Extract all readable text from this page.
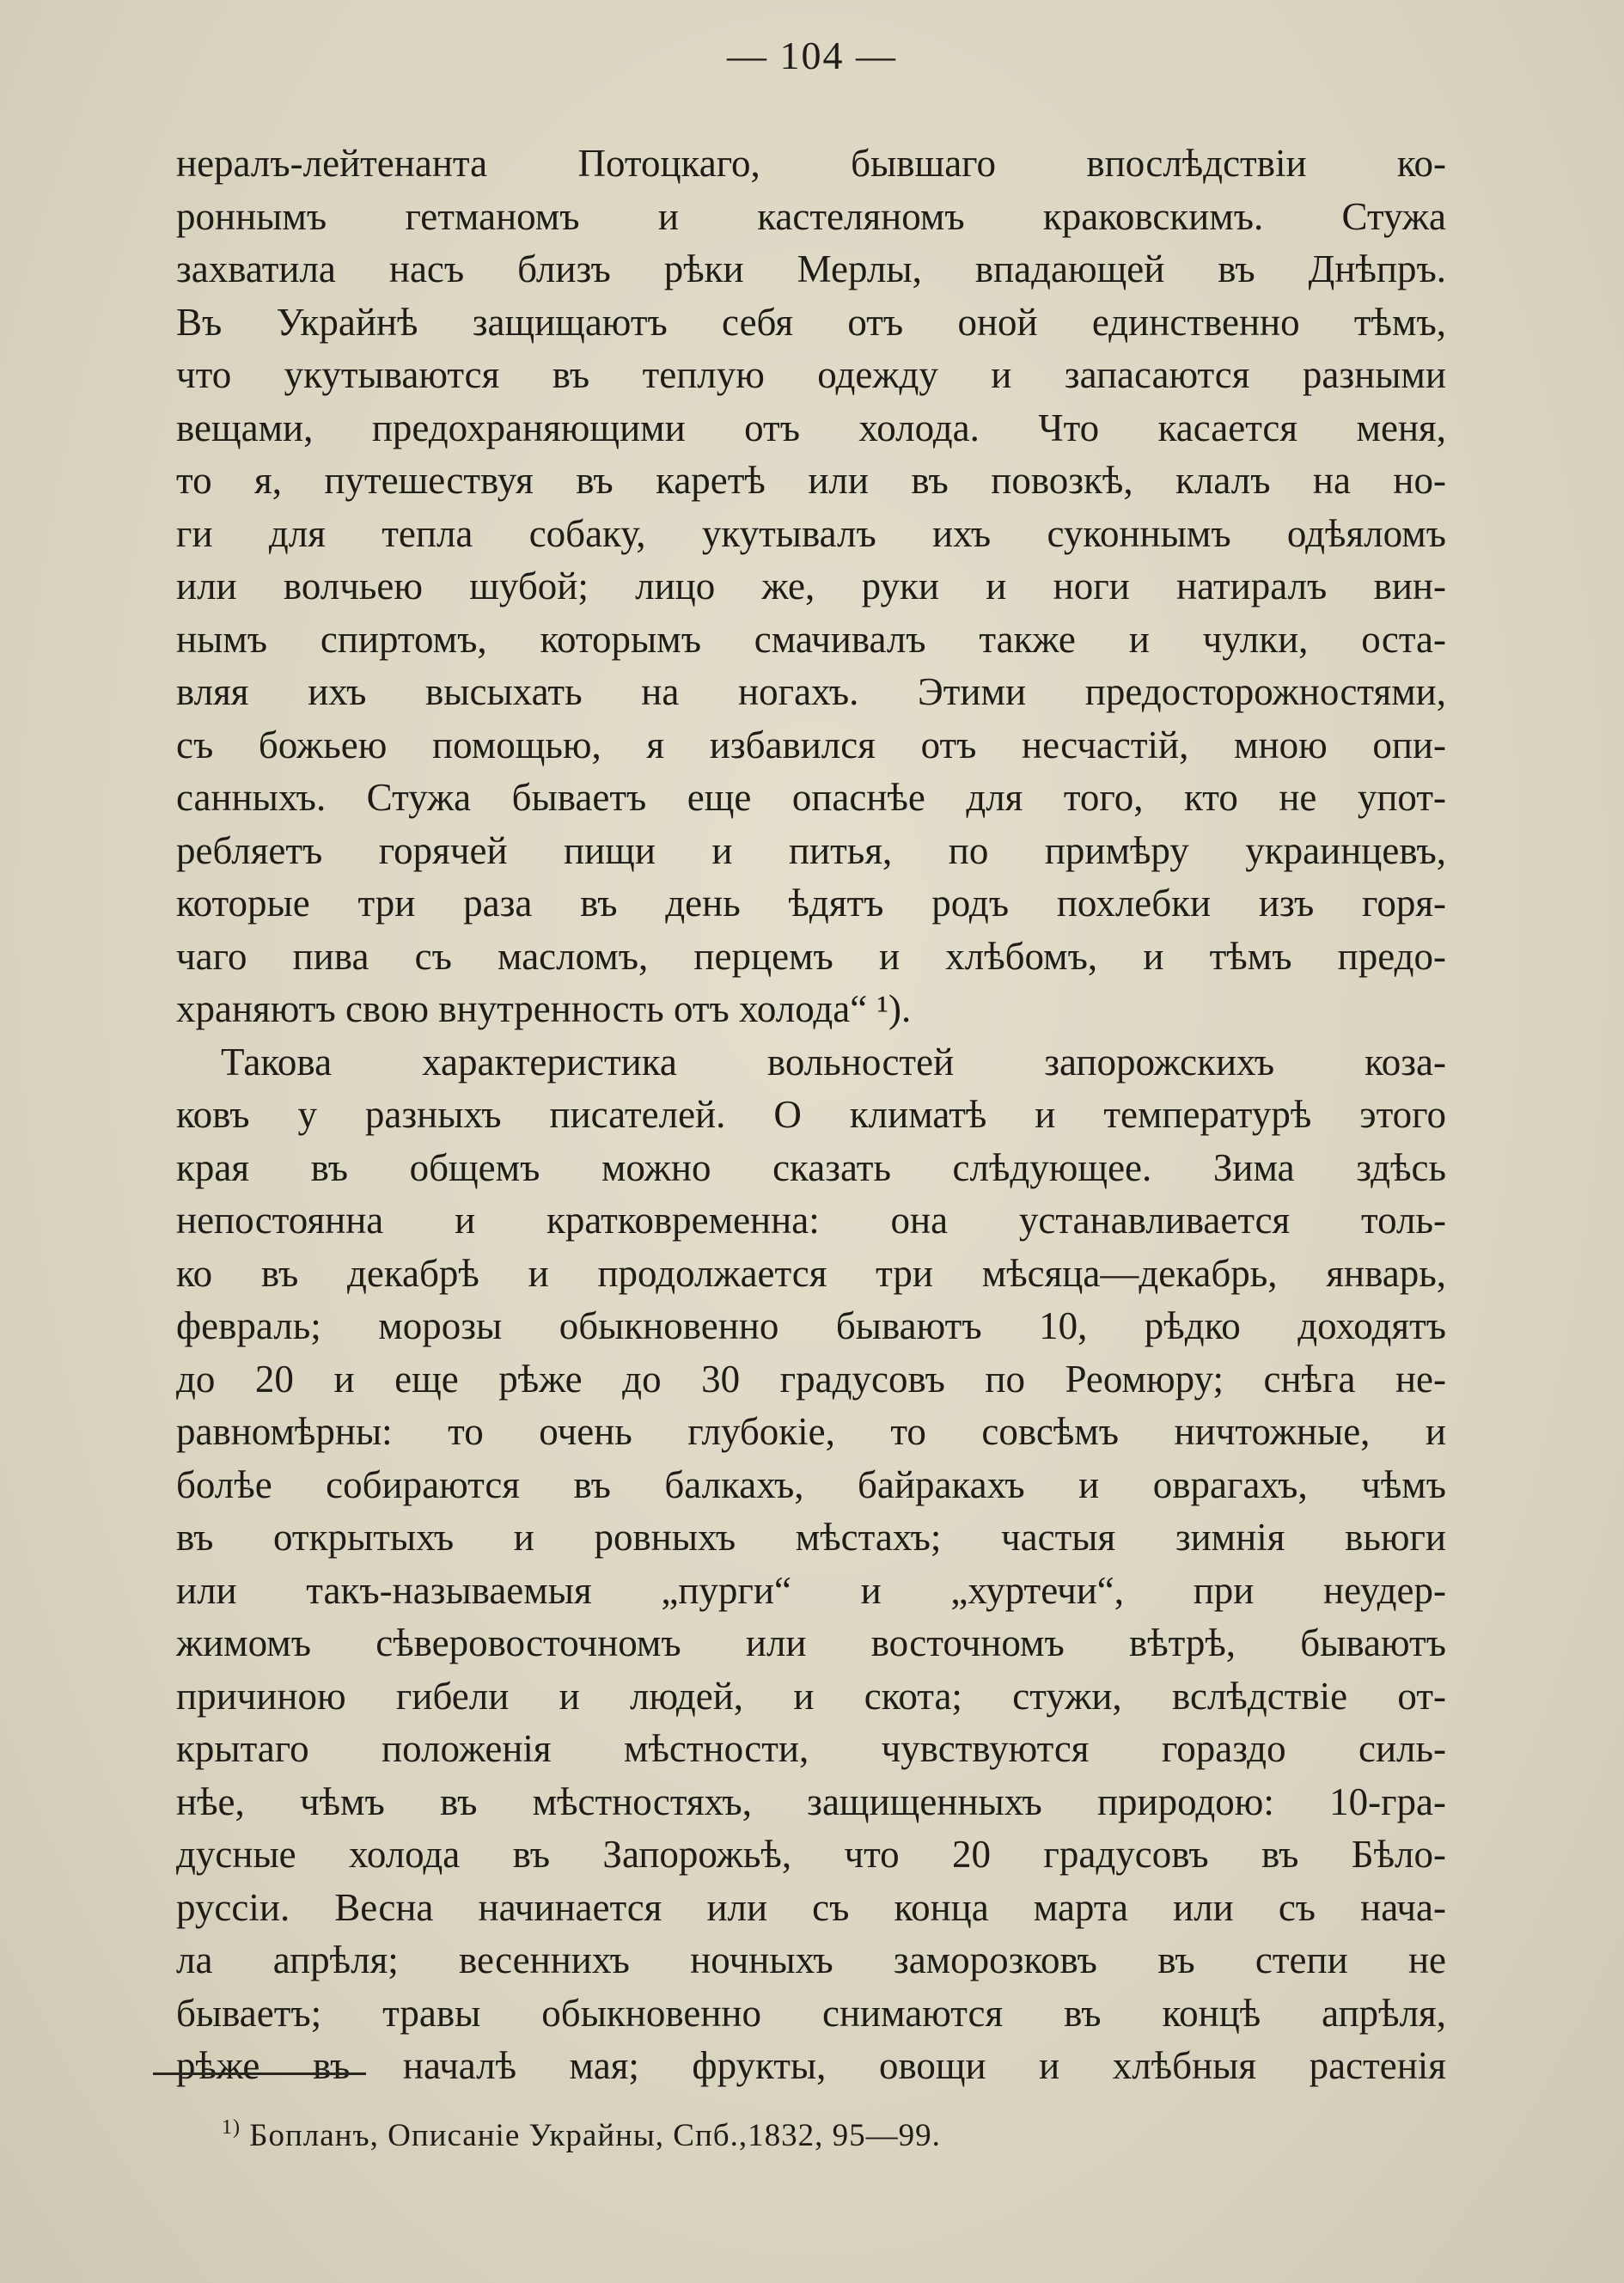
— 104 —
нералъ-лейтенанта Потоцкаго, бывшаго впослѣдствiи ко-
роннымъ гетманомъ и кастеляномъ краковскимъ. Стужа
захватила насъ близъ рѣки Мерлы, впадающей въ Днѣпръ.
Въ Украйнѣ защищаютъ себя отъ оной единственно тѣмъ,
что укутываются въ теплую одежду и запасаются разными
вещами, предохраняющими отъ холода. Что касается меня,
то я, путешествуя въ каретѣ или въ повозкѣ, клалъ на но-
ги для тепла собаку, укутывалъ ихъ суконнымъ одѣяломъ
или волчьею шубой; лицо же, руки и ноги натиралъ вин-
нымъ спиртомъ, которымъ смачивалъ также и чулки, оста-
вляя ихъ высыхать на ногахъ. Этими предосторожностями,
съ божьею помощью, я избавился отъ несчастiй, мною опи-
санныхъ. Стужа бываетъ еще опаснѣе для того, кто не упот-
ребляетъ горячей пищи и питья, по примѣру украинцевъ,
которые три раза въ день ѣдятъ родъ похлебки изъ горя-
чаго пива съ масломъ, перцемъ и хлѣбомъ, и тѣмъ предо-
храняютъ свою внутренность отъ холода“ ¹).
Такова характеристика вольностей запорожскихъ коза-
ковъ у разныхъ писателей. О климатѣ и температурѣ этого
края въ общемъ можно сказать слѣдующее. Зима здѣсь
непостоянна и кратковременна: она устанавливается толь-
ко въ декабрѣ и продолжается три мѣсяца—декабрь, январь,
февраль; морозы обыкновенно бываютъ 10, рѣдко доходятъ
до 20 и еще рѣже до 30 градусовъ по Реомюру; снѣга не-
равномѣрны: то очень глубокiе, то совсѣмъ ничтожные, и
болѣе собираются въ балкахъ, байракахъ и оврагахъ, чѣмъ
въ открытыхъ и ровныхъ мѣстахъ; частыя зимнiя вьюги
или такъ-называемыя „пурги“ и „хуртечи“, при неудер-
жимомъ сѣверовосточномъ или восточномъ вѣтрѣ, бываютъ
причиною гибели и людей, и скота; стужи, вслѣдствiе от-
крытаго положенiя мѣстности, чувствуются гораздо силь-
нѣе, чѣмъ въ мѣстностяхъ, защищенныхъ природою: 10-гра-
дусные холода въ Запорожьѣ, что 20 градусовъ въ Бѣло-
руссiи. Весна начинается или съ конца марта или съ нача-
ла апрѣля; весеннихъ ночныхъ заморозковъ въ степи не
бываетъ; травы обыкновенно снимаются въ концѣ апрѣля,
рѣже въ началѣ мая; фрукты, овощи и хлѣбныя растенiя
$^{1)}$ Бопланъ, Описанiе Украйны, Спб.,1832, 95—99.
